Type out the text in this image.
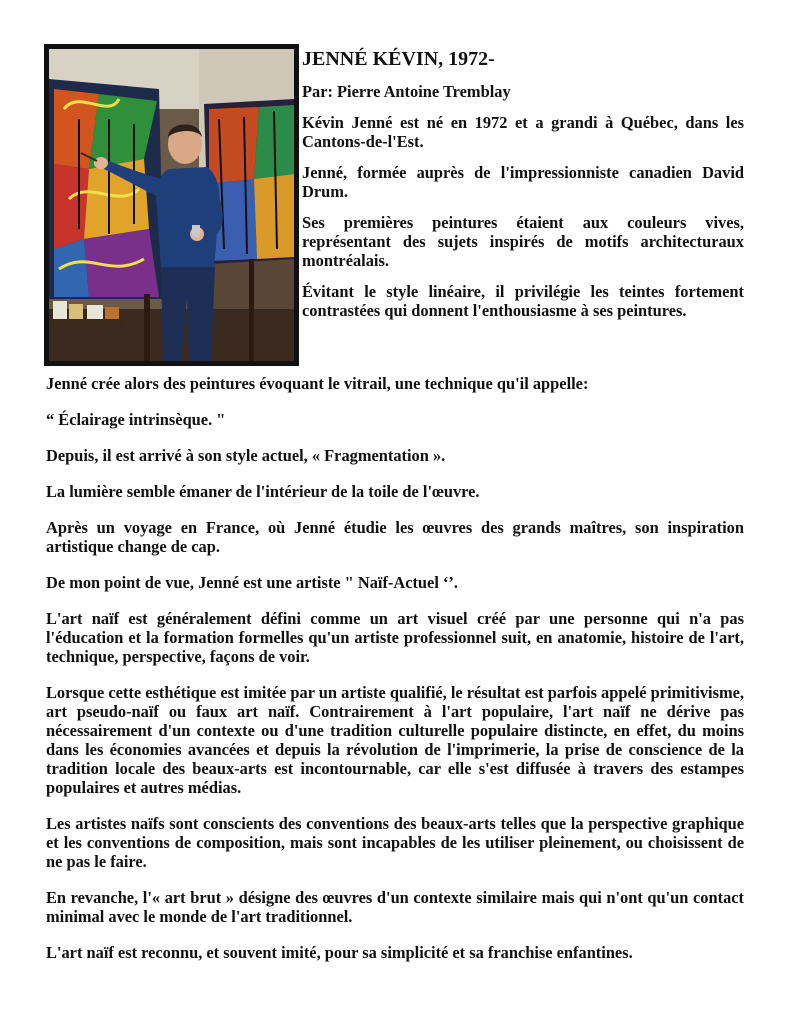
JENNÉ KÉVIN, 1972-
Par: Pierre Antoine Tremblay

Kévin Jenné est né en 1972 et a grandi à Québec, dans les Cantons-de-l'Est.

Jenné, formée auprès de l'impressionniste canadien David Drum.

Ses premières peintures étaient aux couleurs vives, représentant des sujets inspirés de motifs architecturaux montréalais.

Évitant le style linéaire, il privilégie les teintes fortement contrastées qui donnent l'enthousiasme à ses peintures.

Jenné crée alors des peintures évoquant le vitrail, une technique qu'il appelle:

“ Éclairage intrinsèque. "

Depuis, il est arrivé à son style actuel, « Fragmentation ».

La lumière semble émaner de l'intérieur de la toile de l'œuvre.

Après un voyage en France, où Jenné étudie les œuvres des grands maîtres, son inspiration artistique change de cap.

De mon point de vue, Jenné est une artiste " Naïf-Actuel ‘’.

L'art naïf est généralement défini comme un art visuel créé par une personne qui n'a pas l'éducation et la formation formelles qu'un artiste professionnel suit, en anatomie, histoire de l'art, technique, perspective, façons de voir.

Lorsque cette esthétique est imitée par un artiste qualifié, le résultat est parfois appelé primitivisme, art pseudo-naïf ou faux art naïf. Contrairement à l'art populaire, l'art naïf ne dérive pas nécessairement d'un contexte ou d'une tradition culturelle populaire distincte, en effet, du moins dans les économies avancées et depuis la révolution de l'imprimerie, la prise de conscience de la tradition locale des beaux-arts est incontournable, car elle s'est diffusée à travers des estampes populaires et autres médias.

Les artistes naïfs sont conscients des conventions des beaux-arts telles que la perspective graphique et les conventions de composition, mais sont incapables de les utiliser pleinement, ou choisissent de ne pas le faire.

En revanche, l'« art brut » désigne des œuvres d'un contexte similaire mais qui n'ont qu'un contact minimal avec le monde de l'art traditionnel.

L'art naïf est reconnu, et souvent imité, pour sa simplicité et sa franchise enfantines.
